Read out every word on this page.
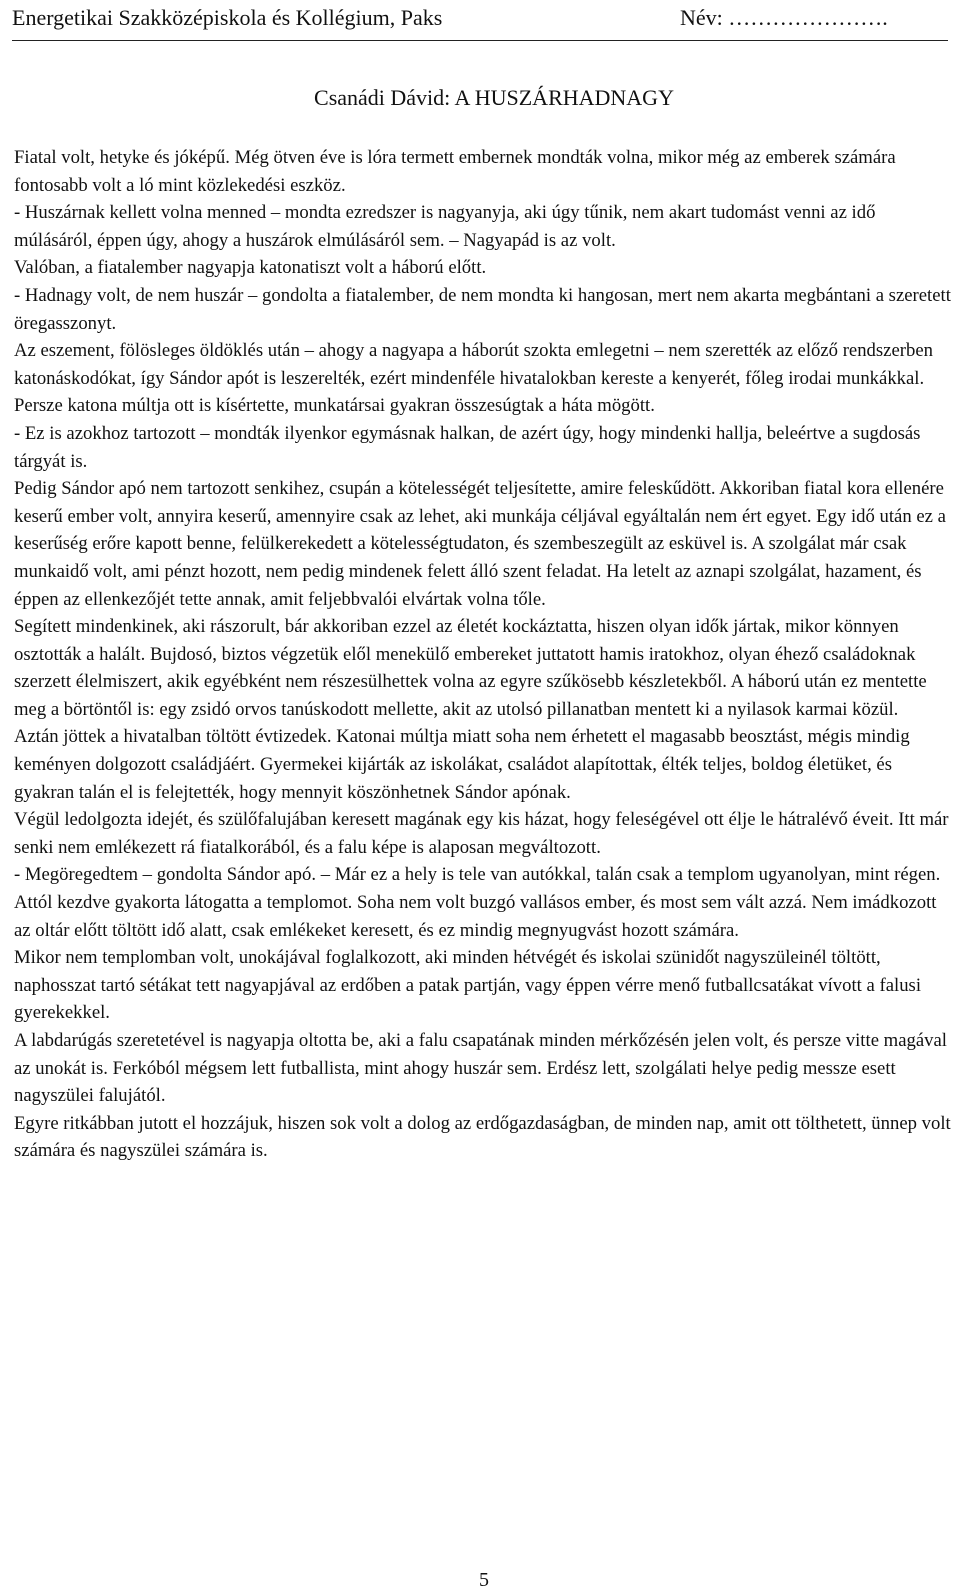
Energetikai Szakközépiskola és Kollégium, Paks	Név: ………………….
Csanádi Dávid: A HUSZÁRHADNAGY

Fiatal volt, hetyke és jóképű. Még ötven éve is lóra termett embernek mondták volna, mikor még az emberek számára fontosabb volt a ló mint közlekedési eszköz.

- Huszárnak kellett volna menned – mondta ezredszer is nagyanyja, aki úgy tűnik, nem akart tudomást venni az idő múlásáról, éppen úgy, ahogy a huszárok elmúlásáról sem. – Nagyapád is az volt.

Valóban, a fiatalember nagyapja katonatiszt volt a háború előtt.

- Hadnagy volt, de nem huszár – gondolta a fiatalember, de nem mondta ki hangosan, mert nem akarta megbántani a szeretett öregasszonyt.

Az eszement, fölösleges öldöklés után – ahogy a nagyapa a háborút szokta emlegetni – nem szerették az előző rendszerben katonáskodókat, így Sándor apót is leszerelték, ezért mindenféle hivatalokban kereste a kenyerét, főleg irodai munkákkal. Persze katona múltja ott is kísértette, munkatársai gyakran összesúgtak a háta mögött.

- Ez is azokhoz tartozott – mondták ilyenkor egymásnak halkan, de azért úgy, hogy mindenki hallja, beleértve a sugdosás tárgyát is.

Pedig Sándor apó nem tartozott senkihez, csupán a kötelességét teljesítette, amire feleskűdött. Akkoriban fiatal kora ellenére keserű ember volt, annyira keserű, amennyire csak az lehet, aki munkája céljával egyáltalán nem ért egyet. Egy idő után ez a keserűség erőre kapott benne, felülkerekedett a kötelességtudaton, és szembeszegült az esküvel is. A szolgálat már csak munkaidő volt, ami pénzt hozott, nem pedig mindenek felett álló szent feladat. Ha letelt az aznapi szolgálat, hazament, és éppen az ellenkezőjét tette annak, amit feljebbvalói elvártak volna tőle.

Segített mindenkinek, aki rászorult, bár akkoriban ezzel az életét kockáztatta, hiszen olyan idők jártak, mikor könnyen osztották a halált. Bujdosó, biztos végzetük elől menekülő embereket juttatott hamis iratokhoz, olyan éhező családoknak szerzett élelmiszert, akik egyébként nem részesülhettek volna az egyre szűkösebb készletekből. A háború után ez mentette meg a börtöntől is: egy zsidó orvos tanúskodott mellette, akit az utolsó pillanatban mentett ki a nyilasok karmai közül.

Aztán jöttek a hivatalban töltött évtizedek. Katonai múltja miatt soha nem érhetett el magasabb beosztást, mégis mindig keményen dolgozott családjáért. Gyermekei kijárták az iskolákat, családot alapítottak, élték teljes, boldog életüket, és gyakran talán el is felejtették, hogy mennyit köszönhetnek Sándor apónak.

Végül ledolgozta idejét, és szülőfalujában keresett magának egy kis házat, hogy feleségével ott élje le hátralévő éveit. Itt már senki nem emlékezett rá fiatalkorából, és a falu képe is alaposan megváltozott.

- Megöregedtem – gondolta Sándor apó. – Már ez a hely is tele van autókkal, talán csak a templom ugyanolyan, mint régen.

Attól kezdve gyakorta látogatta a templomot. Soha nem volt buzgó vallásos ember, és most sem vált azzá. Nem imádkozott az oltár előtt töltött idő alatt, csak emlékeket keresett, és ez mindig megnyugvást hozott számára.

Mikor nem templomban volt, unokájával foglalkozott, aki minden hétvégét és iskolai szünidőt nagyszüleinél töltött, naphosszat tartó sétákat tett nagyapjával az erdőben a patak partján, vagy éppen vérre menő futballcsatákat vívott a falusi gyerekekkel.

A labdarúgás szeretetével is nagyapja oltotta be, aki a falu csapatának minden mérkőzésén jelen volt, és persze vitte magával az unokát is. Ferkóból mégsem lett futballista, mint ahogy huszár sem. Erdész lett, szolgálati helye pedig messze esett nagyszülei falujától.

Egyre ritkábban jutott el hozzájuk, hiszen sok volt a dolog az erdőgazdaságban, de minden nap, amit ott tölthetett, ünnep volt számára és nagyszülei számára is.

5
